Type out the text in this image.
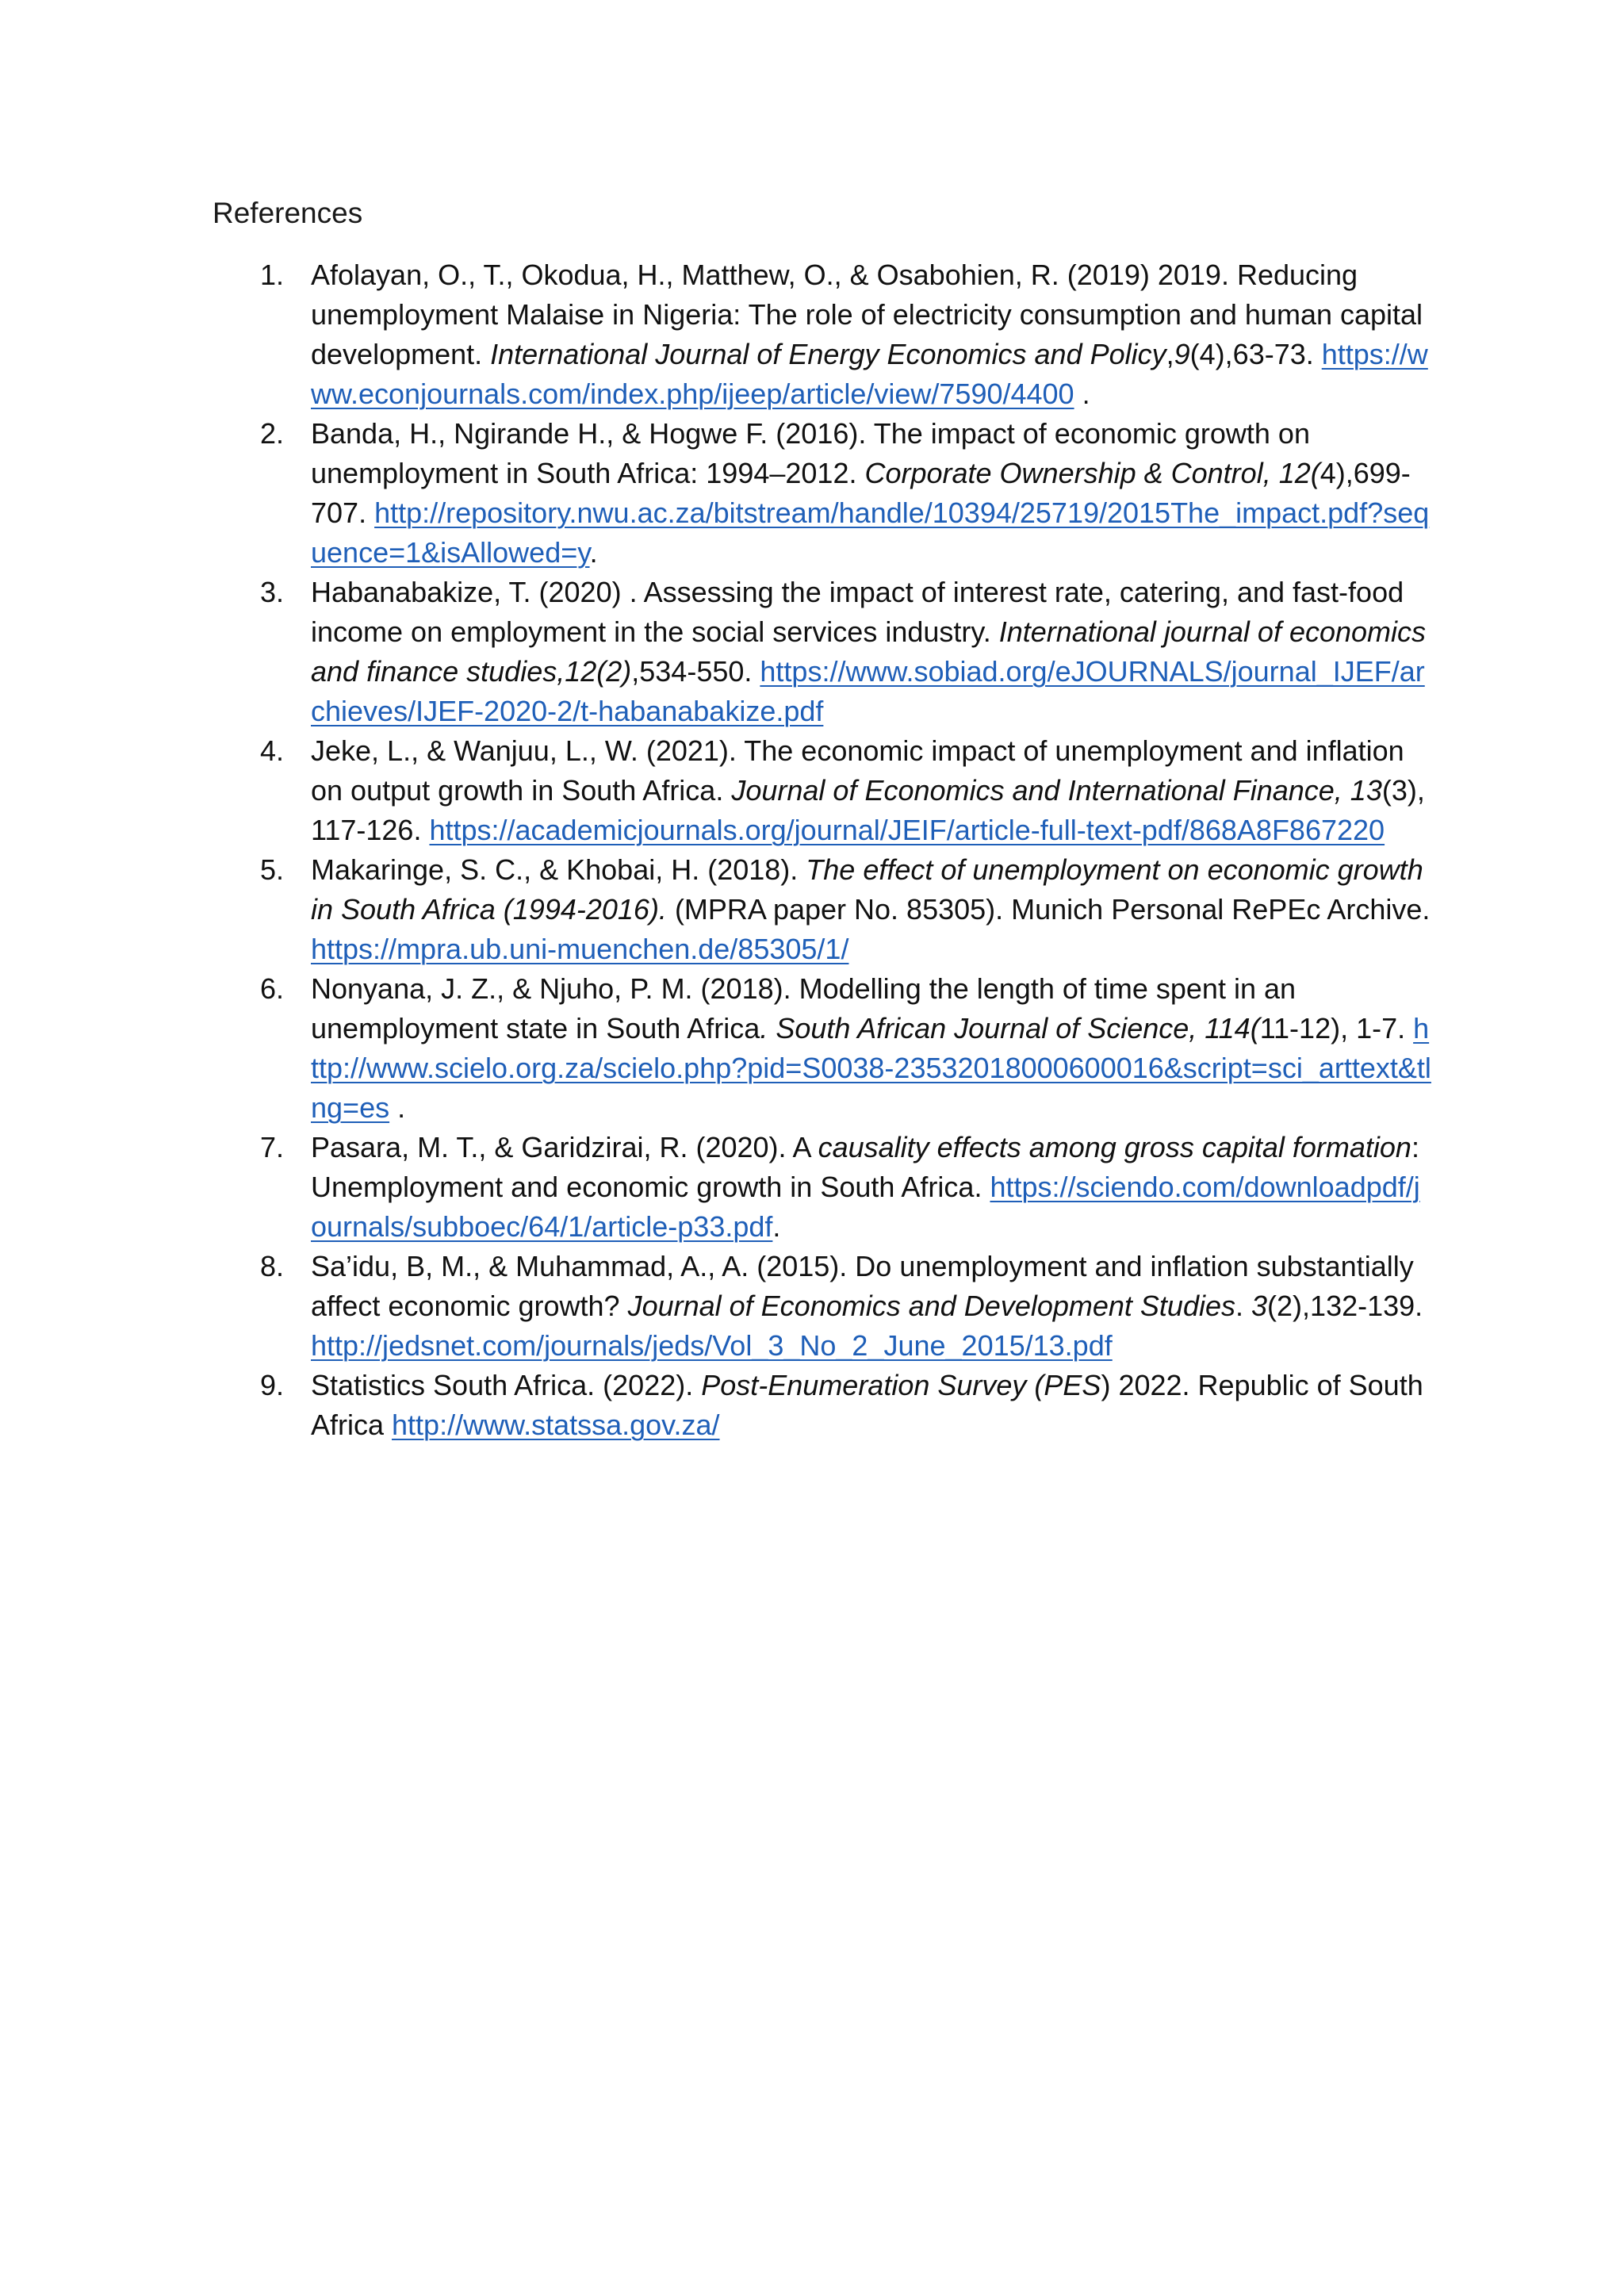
References
1. Afolayan, O., T., Okodua, H., Matthew, O., & Osabohien, R. (2019) 2019. Reducing unemployment Malaise in Nigeria: The role of electricity consumption and human capital development. International Journal of Energy Economics and Policy,9(4),63-73. https://www.econjournals.com/index.php/ijeep/article/view/7590/4400 .
2. Banda, H., Ngirande H., & Hogwe F. (2016). The impact of economic growth on unemployment in South Africa: 1994–2012. Corporate Ownership & Control, 12(4),699-707. http://repository.nwu.ac.za/bitstream/handle/10394/25719/2015The_impact.pdf?sequence=1&isAllowed=y.
3. Habanabakize, T. (2020) . Assessing the impact of interest rate, catering, and fast-food income on employment in the social services industry. International journal of economics and finance studies,12(2),534-550. https://www.sobiad.org/eJOURNALS/journal_IJEF/archieves/IJEF-2020-2/t-habanabakize.pdf
4. Jeke, L., & Wanjuu, L., W. (2021). The economic impact of unemployment and inflation on output growth in South Africa. Journal of Economics and International Finance, 13(3), 117-126. https://academicjournals.org/journal/JEIF/article-full-text-pdf/868A8F867220
5. Makaringe, S. C., & Khobai, H. (2018). The effect of unemployment on economic growth in South Africa (1994-2016). (MPRA paper No. 85305). Munich Personal RePEc Archive. https://mpra.ub.uni-muenchen.de/85305/1/
6. Nonyana, J. Z., & Njuho, P. M. (2018). Modelling the length of time spent in an unemployment state in South Africa. South African Journal of Science, 114(11-12), 1-7. http://www.scielo.org.za/scielo.php?pid=S0038-23532018000600016&script=sci_arttext&tlng=es .
7. Pasara, M. T., & Garidzirai, R. (2020). A causality effects among gross capital formation: Unemployment and economic growth in South Africa. https://sciendo.com/downloadpdf/journals/subboec/64/1/article-p33.pdf.
8. Sa’idu, B, M., & Muhammad, A., A. (2015). Do unemployment and inflation substantially affect economic growth? Journal of Economics and Development Studies. 3(2),132-139. http://jedsnet.com/journals/jeds/Vol_3_No_2_June_2015/13.pdf
9. Statistics South Africa. (2022). Post-Enumeration Survey (PES) 2022. Republic of South Africa http://www.statssa.gov.za/
